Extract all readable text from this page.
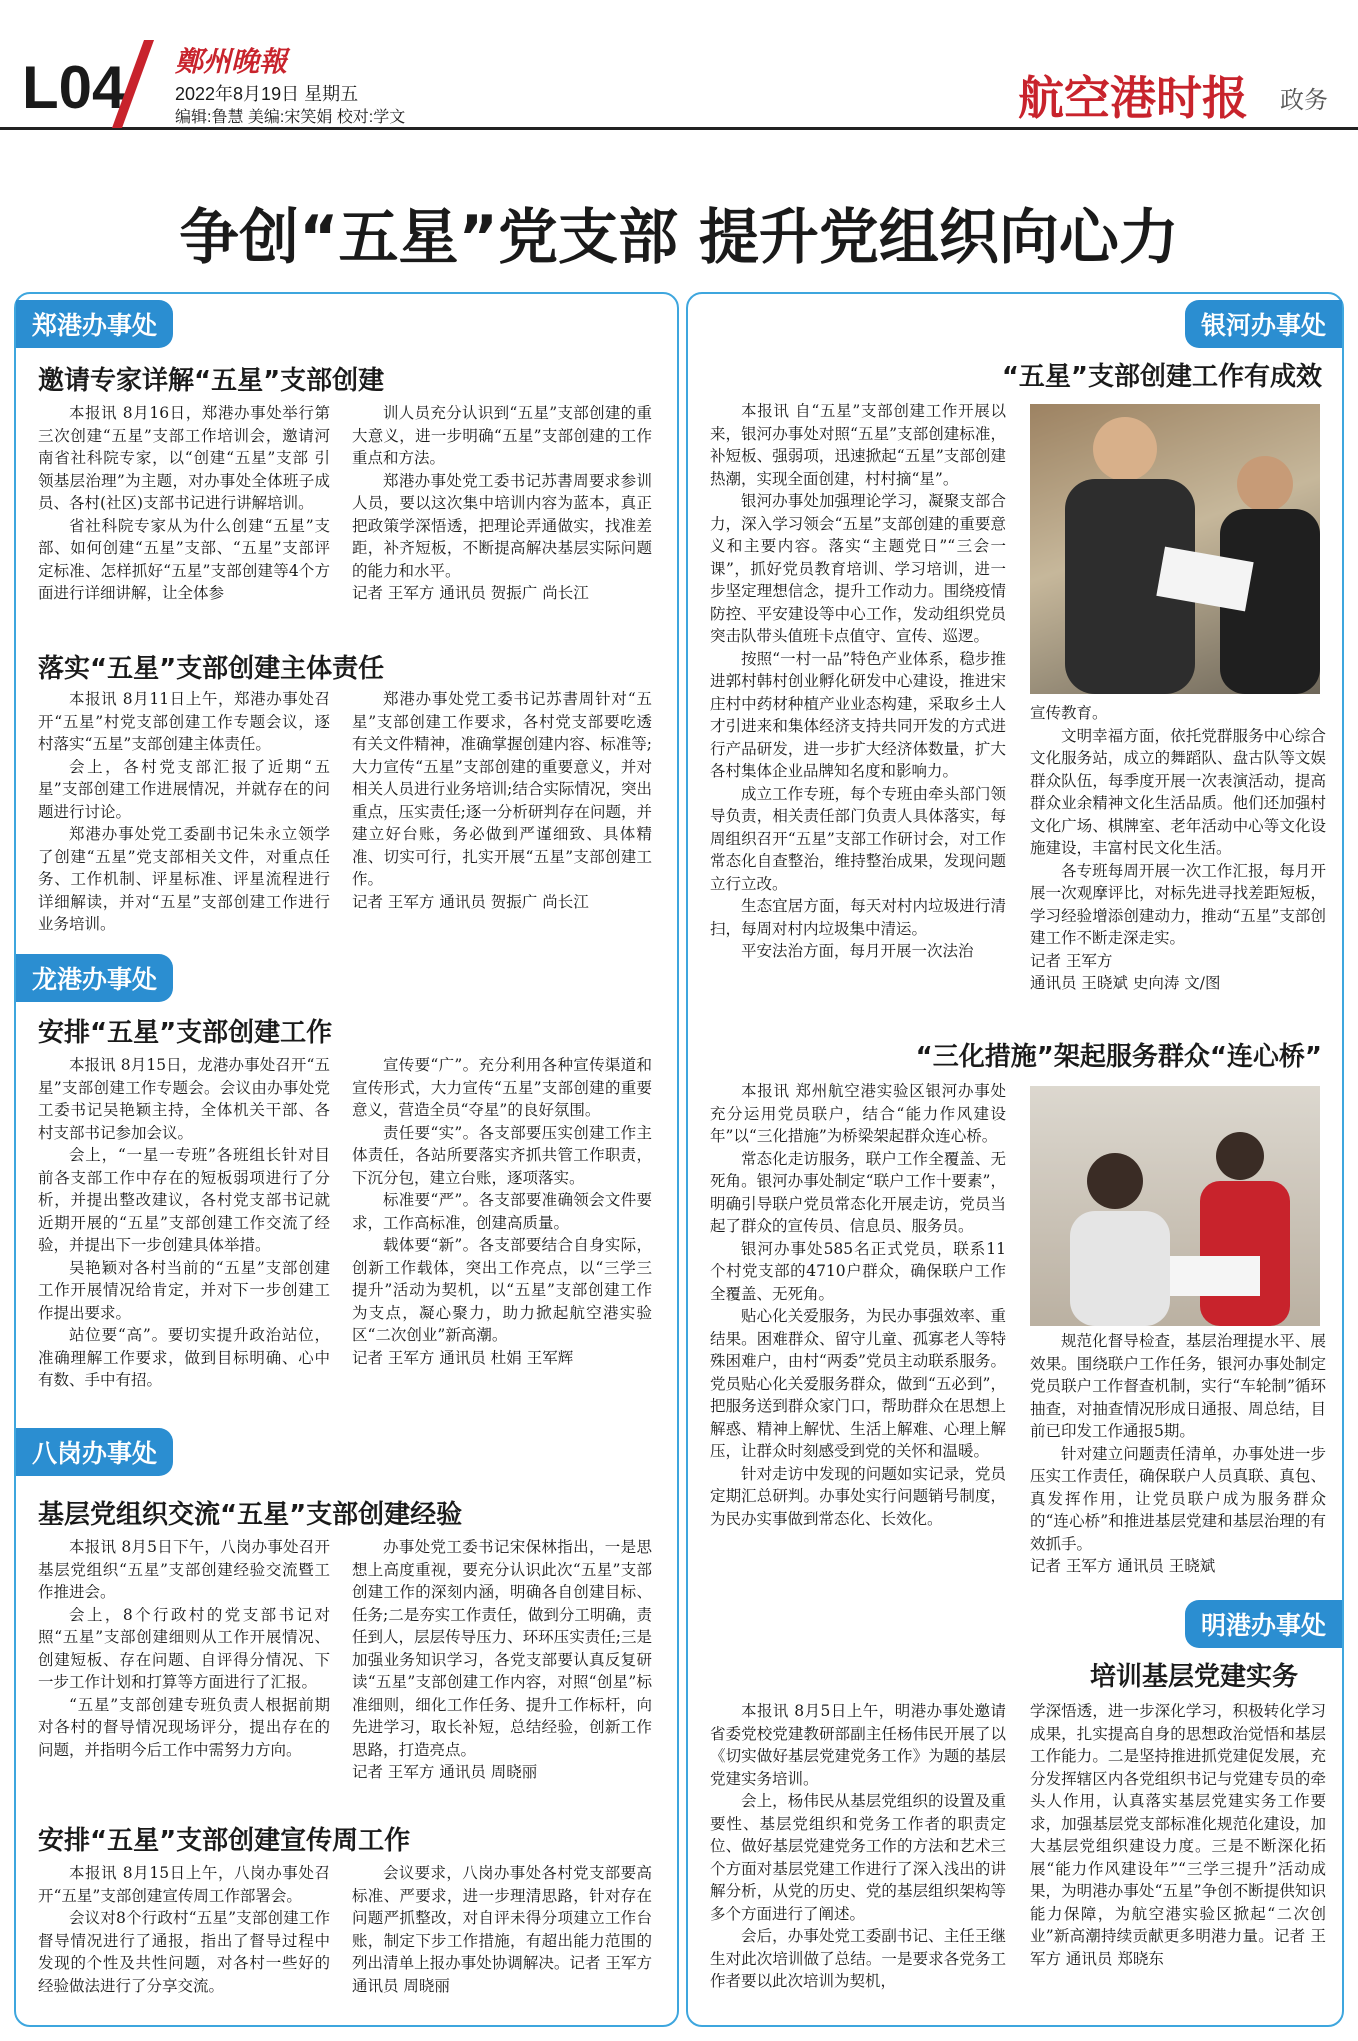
L04 鄭州晚報
2022年8月19日 星期五
编辑:鲁慧 美编:宋笑娟 校对:学文	航空港时报 政务
争创“五星”党支部 提升党组织向心力
郑港办事处
邀请专家详解“五星”支部创建

本报讯 8月16日，郑港办事处举行第三次创建“五星”支部工作培训会，邀请河南省社科院专家，以“创建“五星”支部 引领基层治理”为主题，对办事处全体班子成员、各村(社区)支部书记进行讲解培训。

省社科院专家从为什么创建“五星”支部、如何创建“五星”支部、“五星”支部评定标准、怎样抓好“五星”支部创建等4个方面进行详细讲解，让全体参

训人员充分认识到“五星”支部创建的重大意义，进一步明确“五星”支部创建的工作重点和方法。

郑港办事处党工委书记苏書周要求参训人员，要以这次集中培训内容为蓝本，真正把政策学深悟透，把理论弄通做实，找准差距，补齐短板，不断提高解决基层实际问题的能力和水平。

记者 王军方 通讯员 贺振广 尚长江

落实“五星”支部创建主体责任

本报讯 8月11日上午，郑港办事处召开“五星”村党支部创建工作专题会议，逐村落实“五星”支部创建主体责任。

会上，各村党支部汇报了近期“五星”支部创建工作进展情况，并就存在的问题进行讨论。

郑港办事处党工委副书记朱永立领学了创建“五星”党支部相关文件，对重点任务、工作机制、评星标准、评星流程进行详细解读，并对“五星”支部创建工作进行业务培训。

郑港办事处党工委书记苏書周针对“五星”支部创建工作要求，各村党支部要吃透有关文件精神，准确掌握创建内容、标准等;大力宣传“五星”支部创建的重要意义，并对相关人员进行业务培训;结合实际情况，突出重点，压实责任;逐一分析研判存在问题，并建立好台账，务必做到严谨细致、具体精准、切实可行，扎实开展“五星”支部创建工作。

记者 王军方 通讯员 贺振广 尚长江

龙港办事处
安排“五星”支部创建工作

本报讯 8月15日，龙港办事处召开“五星”支部创建工作专题会。会议由办事处党工委书记吴艳颖主持，全体机关干部、各村支部书记参加会议。

会上，“一星一专班”各班组长针对目前各支部工作中存在的短板弱项进行了分析，并提出整改建议，各村党支部书记就近期开展的“五星”支部创建工作交流了经验，并提出下一步创建具体举措。

吴艳颖对各村当前的“五星”支部创建工作开展情况给肯定，并对下一步创建工作提出要求。

站位要“高”。要切实提升政治站位，准确理解工作要求，做到目标明确、心中有数、手中有招。

宣传要“广”。充分利用各种宣传渠道和宣传形式，大力宣传“五星”支部创建的重要意义，营造全员“夺星”的良好氛围。

责任要“实”。各支部要压实创建工作主体责任，各站所要落实齐抓共管工作职责，下沉分包，建立台账，逐项落实。

标准要“严”。各支部要准确领会文件要求，工作高标准，创建高质量。

载体要“新”。各支部要结合自身实际，创新工作载体，突出工作亮点，以“三学三提升”活动为契机，以“五星”支部创建工作为支点，凝心聚力，助力掀起航空港实验区“二次创业”新高潮。

记者 王军方 通讯员 杜娟 王军辉

八岗办事处
基层党组织交流“五星”支部创建经验

本报讯 8月5日下午，八岗办事处召开基层党组织“五星”支部创建经验交流暨工作推进会。

会上，8个行政村的党支部书记对照“五星”支部创建细则从工作开展情况、创建短板、存在问题、自评得分情况、下一步工作计划和打算等方面进行了汇报。

“五星”支部创建专班负责人根据前期对各村的督导情况现场评分，提出存在的问题，并指明今后工作中需努力方向。

办事处党工委书记宋保林指出，一是思想上高度重视，要充分认识此次“五星”支部创建工作的深刻内涵，明确各自创建目标、任务;二是夯实工作责任，做到分工明确，责任到人，层层传导压力、环环压实责任;三是加强业务知识学习，各党支部要认真反复研读“五星”支部创建工作内容，对照“创星”标准细则，细化工作任务、提升工作标杆，向先进学习，取长补短，总结经验，创新工作思路，打造亮点。

记者 王军方 通讯员 周晓丽

安排“五星”支部创建宣传周工作

本报讯 8月15日上午，八岗办事处召开“五星”支部创建宣传周工作部署会。

会议对8个行政村“五星”支部创建工作督导情况进行了通报，指出了督导过程中发现的个性及共性问题，对各村一些好的经验做法进行了分享交流。

会议要求，八岗办事处各村党支部要高标准、严要求，进一步理清思路，针对存在问题严抓整改，对自评未得分项建立工作台账，制定下步工作措施，有超出能力范围的列出清单上报办事处协调解决。记者 王军方 通讯员 周晓丽

银河办事处
“五星”支部创建工作有成效

本报讯 自“五星”支部创建工作开展以来，银河办事处对照“五星”支部创建标准，补短板、强弱项，迅速掀起“五星”支部创建热潮，实现全面创建，村村摘“星”。

银河办事处加强理论学习，凝聚支部合力，深入学习领会“五星”支部创建的重要意义和主要内容。落实“主题党日”“三会一课”，抓好党员教育培训、学习培训，进一步坚定理想信念，提升工作动力。围绕疫情防控、平安建设等中心工作，发动组织党员突击队带头值班卡点值守、宣传、巡逻。

按照“一村一品”特色产业体系，稳步推进郭村韩村创业孵化研发中心建设，推进宋庄村中药材种植产业业态构建，采取乡土人才引进来和集体经济支持共同开发的方式进行产品研发，进一步扩大经济体数量，扩大各村集体企业品牌知名度和影响力。

成立工作专班，每个专班由牵头部门领导负责，相关责任部门负责人具体落实，每周组织召开“五星”支部工作研讨会，对工作常态化自查整治，维持整治成果，发现问题立行立改。

生态宜居方面，每天对村内垃圾进行清扫，每周对村内垃圾集中清运。

平安法治方面，每月开展一次法治

宣传教育。

文明幸福方面，依托党群服务中心综合文化服务站，成立的舞蹈队、盘古队等文娱群众队伍，每季度开展一次表演活动，提高群众业余精神文化生活品质。他们还加强村文化广场、棋牌室、老年活动中心等文化设施建设，丰富村民文化生活。

各专班每周开展一次工作汇报，每月开展一次观摩评比，对标先进寻找差距短板，学习经验增添创建动力，推动“五星”支部创建工作不断走深走实。

记者 王军方

通讯员 王晓斌 史向涛 文/图

“三化措施”架起服务群众“连心桥”

本报讯 郑州航空港实验区银河办事处充分运用党员联户，结合“能力作风建设年”以“三化措施”为桥梁架起群众连心桥。

常态化走访服务，联户工作全覆盖、无死角。银河办事处制定“联户工作十要素”，明确引导联户党员常态化开展走访，党员当起了群众的宣传员、信息员、服务员。

银河办事处585名正式党员，联系11个村党支部的4710户群众，确保联户工作全覆盖、无死角。

贴心化关爱服务，为民办事强效率、重结果。困难群众、留守儿童、孤寡老人等特殊困难户，由村“两委”党员主动联系服务。党员贴心化关爱服务群众，做到“五必到”，把服务送到群众家门口，帮助群众在思想上解惑、精神上解忧、生活上解难、心理上解压，让群众时刻感受到党的关怀和温暖。

针对走访中发现的问题如实记录，党员定期汇总研判。办事处实行问题销号制度，为民办实事做到常态化、长效化。

规范化督导检查，基层治理提水平、展效果。围绕联户工作任务，银河办事处制定党员联户工作督查机制，实行“车轮制”循环抽查，对抽查情况形成日通报、周总结，目前已印发工作通报5期。

针对建立问题责任清单，办事处进一步压实工作责任，确保联户人员真联、真包、真发挥作用，让党员联户成为服务群众的“连心桥”和推进基层党建和基层治理的有效抓手。

记者 王军方 通讯员 王晓斌

明港办事处
培训基层党建实务

本报讯 8月5日上午，明港办事处邀请省委党校党建教研部副主任杨伟民开展了以《切实做好基层党建党务工作》为题的基层党建实务培训。

会上，杨伟民从基层党组织的设置及重要性、基层党组织和党务工作者的职责定位、做好基层党建党务工作的方法和艺术三个方面对基层党建工作进行了深入浅出的讲解分析，从党的历史、党的基层组织架构等多个方面进行了阐述。

会后，办事处党工委副书记、主任王继生对此次培训做了总结。一是要求各党务工作者要以此次培训为契机，

学深悟透，进一步深化学习，积极转化学习成果，扎实提高自身的思想政治觉悟和基层工作能力。二是坚持推进抓党建促发展，充分发挥辖区内各党组织书记与党建专员的牵头人作用，认真落实基层党建实务工作要求，加强基层党支部标准化规范化建设，加大基层党组织建设力度。三是不断深化拓展“能力作风建设年”“三学三提升”活动成果，为明港办事处“五星”争创不断提供知识能力保障，为航空港实验区掀起“二次创业”新高潮持续贡献更多明港力量。记者 王军方 通讯员 郑晓东
